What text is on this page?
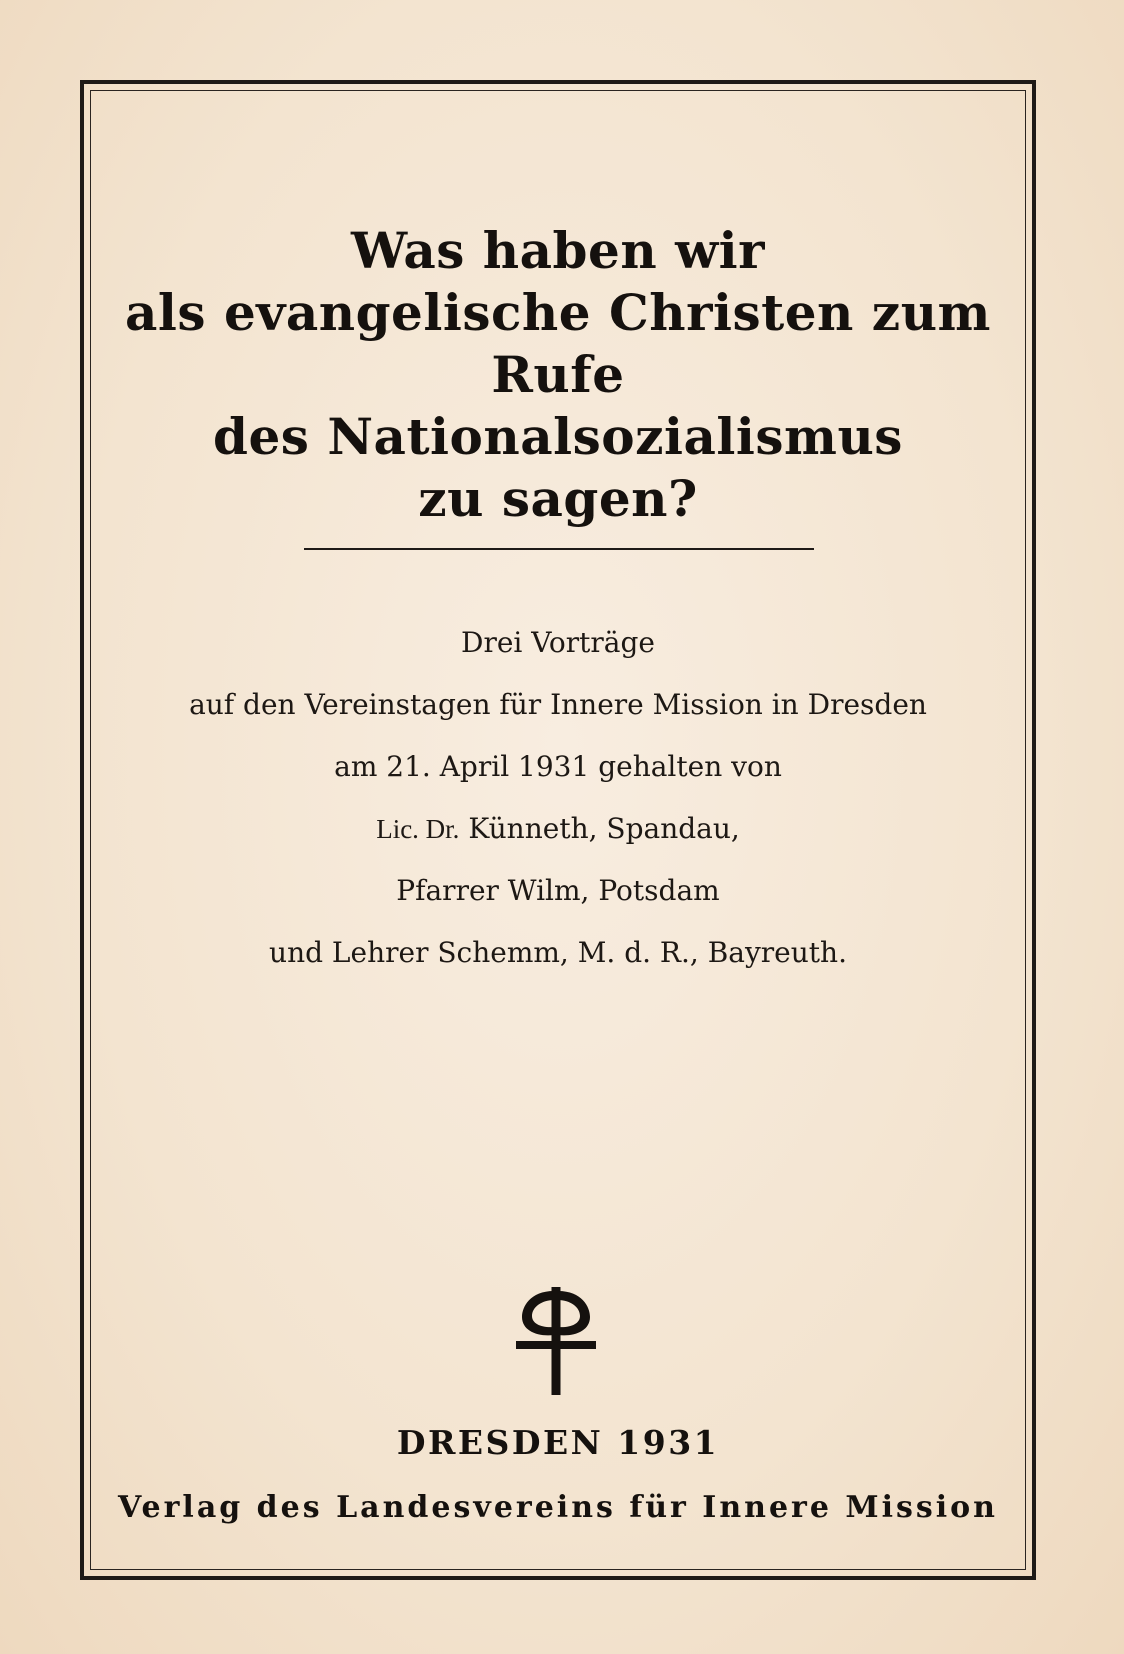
Was haben wir
als evangelische Christen zum Rufe
des Nationalsozialismus
zu sagen?
Drei Vorträge
auf den Vereinstagen für Innere Mission in Dresden
am 21. April 1931 gehalten von
Lic. Dr. Künneth, Spandau,
Pfarrer Wilm, Potsdam
und Lehrer Schemm, M. d. R., Bayreuth.
DRESDEN 1931
Verlag des Landesvereins für Innere Mission
